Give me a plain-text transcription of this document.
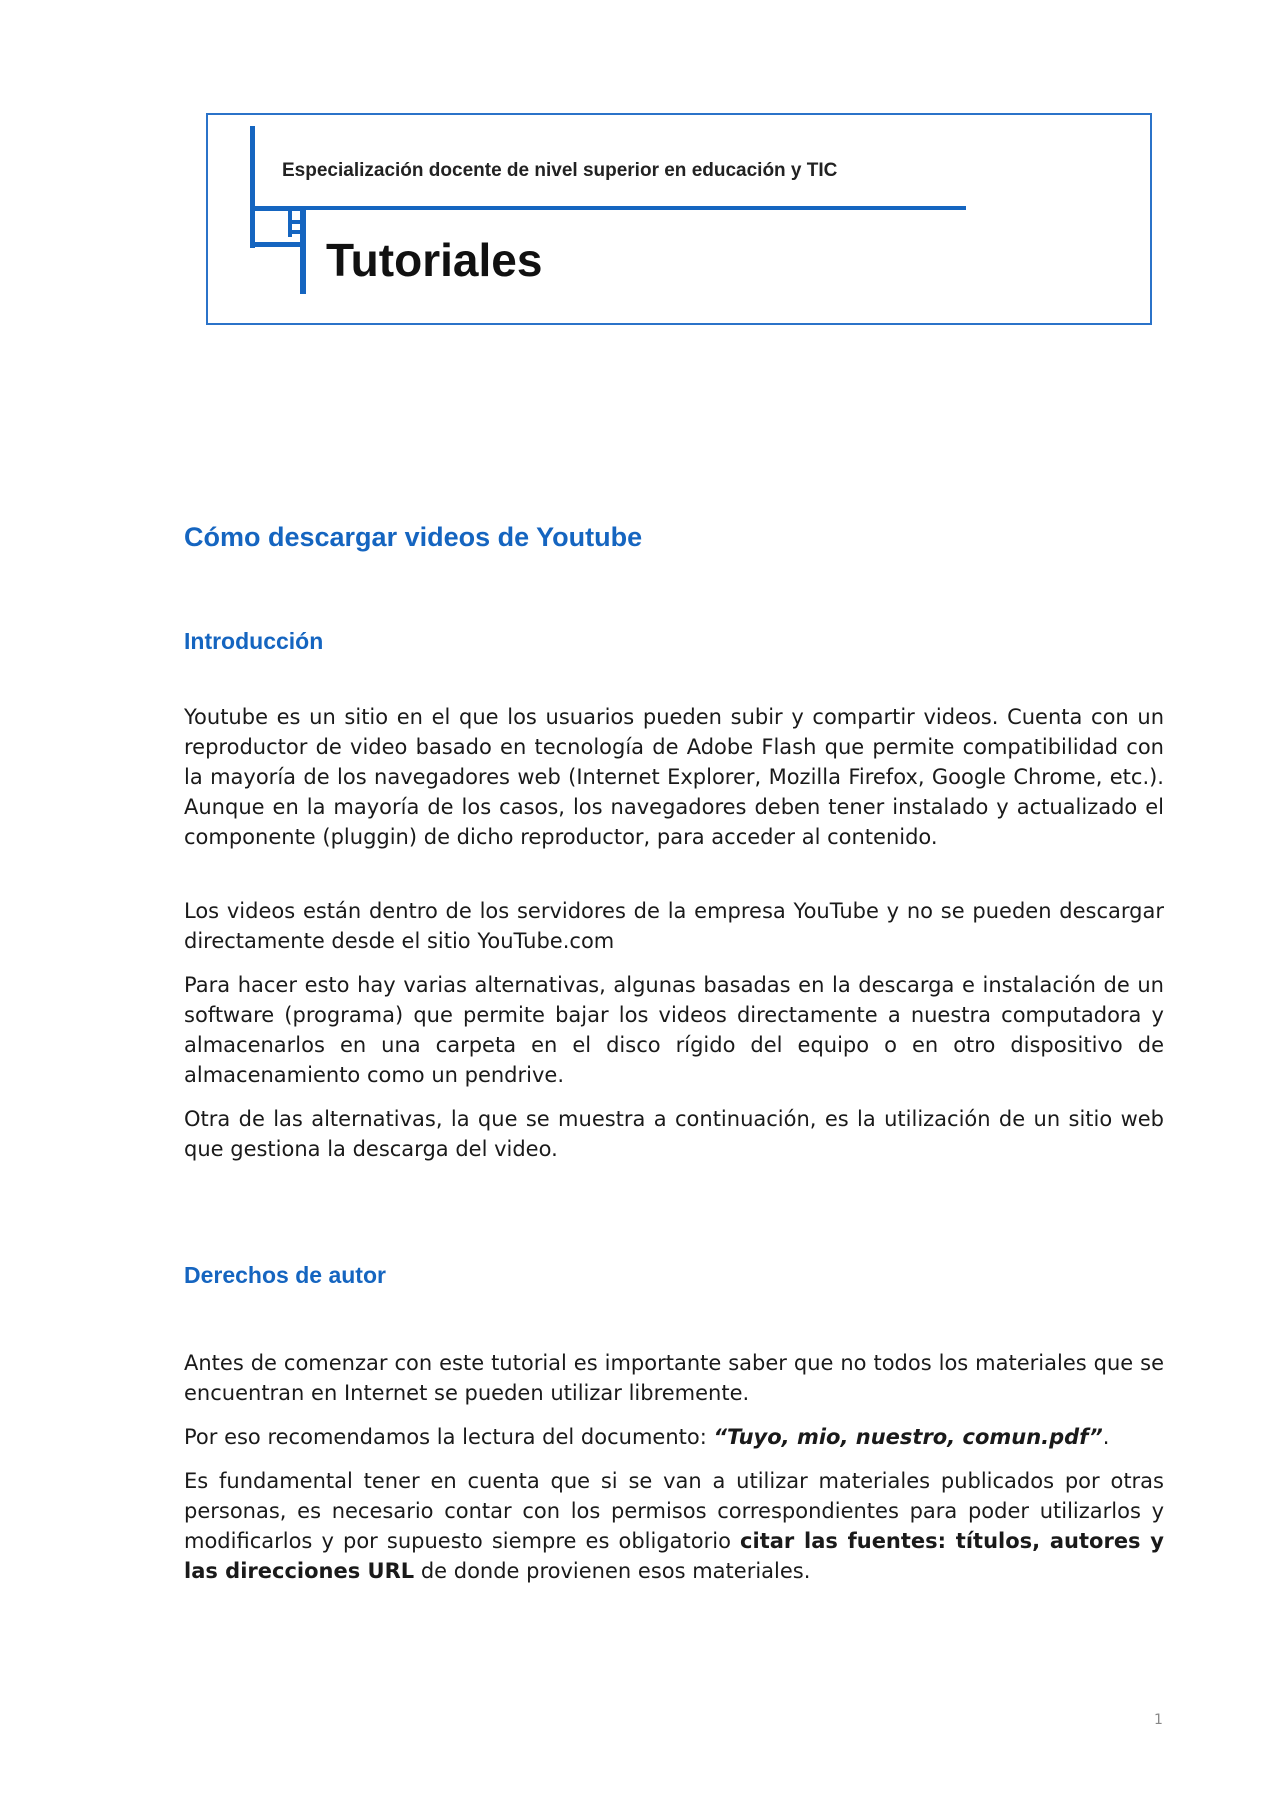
Especialización docente de nivel superior en educación y TIC
Tutoriales
Cómo descargar videos de Youtube
Introducción

Youtube es un sitio en el que los usuarios pueden subir y compartir videos. Cuenta con un reproductor de video basado en tecnología de Adobe Flash que permite compatibilidad con la mayoría de los navegadores web (Internet Explorer, Mozilla Firefox, Google Chrome, etc.). Aunque en la mayoría de los casos, los navegadores deben tener instalado y actualizado el componente (pluggin) de dicho reproductor, para acceder al contenido.

Los videos están dentro de los servidores de la empresa YouTube y no se pueden descargar directamente desde el sitio YouTube.com

Para hacer esto hay varias alternativas, algunas basadas en la descarga e instalación de un software (programa) que permite bajar los videos directamente a nuestra computadora y almacenarlos en una carpeta en el disco rígido del equipo o en otro dispositivo de almacenamiento como un pendrive.

Otra de las alternativas, la que se muestra a continuación, es la utilización de un sitio web que gestiona la descarga del video.

Derechos de autor

Antes de comenzar con este tutorial es importante saber que no todos los materiales que se encuentran en Internet se pueden utilizar libremente.

Por eso recomendamos la lectura del documento: “Tuyo, mio, nuestro, comun.pdf”.

Es fundamental tener en cuenta que si se van a utilizar materiales publicados por otras personas, es necesario contar con los permisos correspondientes para poder utilizarlos y modificarlos y por supuesto siempre es obligatorio citar las fuentes: títulos, autores y las direcciones URL de donde provienen esos materiales.

1
